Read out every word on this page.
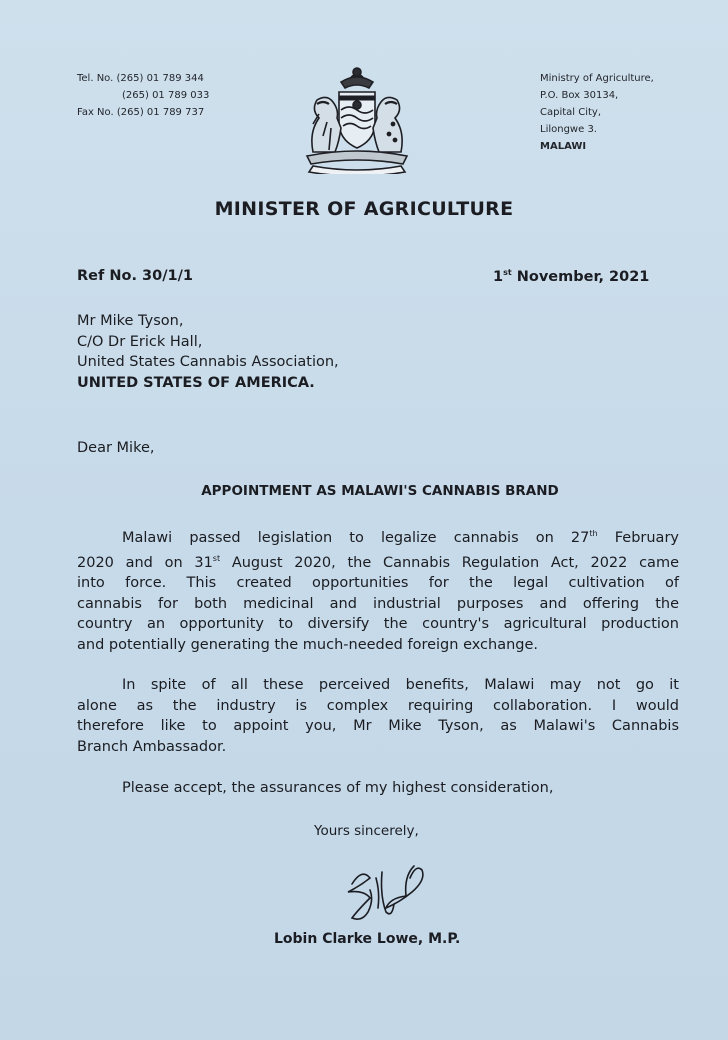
Tel. No. (265) 01 789 344
(265) 01 789 033
Fax No. (265) 01 789 737
Ministry of Agriculture,
P.O. Box 30134,
Capital City,
Lilongwe 3.
MALAWI
MINISTER OF AGRICULTURE
Ref No. 30/1/1	1st November, 2021
Mr Mike Tyson,
C/O Dr Erick Hall,
United States Cannabis Association,
UNITED STATES OF AMERICA.
Dear Mike,
APPOINTMENT AS MALAWI'S CANNABIS BRAND
Malawi passed legislation to legalize cannabis on 27th February
2020 and on 31st August 2020, the Cannabis Regulation Act, 2022 came
into force. This created opportunities for the legal cultivation of
cannabis for both medicinal and industrial purposes and offering the
country an opportunity to diversify the country's agricultural production
and potentially generating the much-needed foreign exchange.
In spite of all these perceived benefits, Malawi may not go it
alone as the industry is complex requiring collaboration. I would
therefore like to appoint you, Mr Mike Tyson, as Malawi's Cannabis
Branch Ambassador.
Please accept, the assurances of my highest consideration,
Yours sincerely,
Lobin Clarke Lowe, M.P.
